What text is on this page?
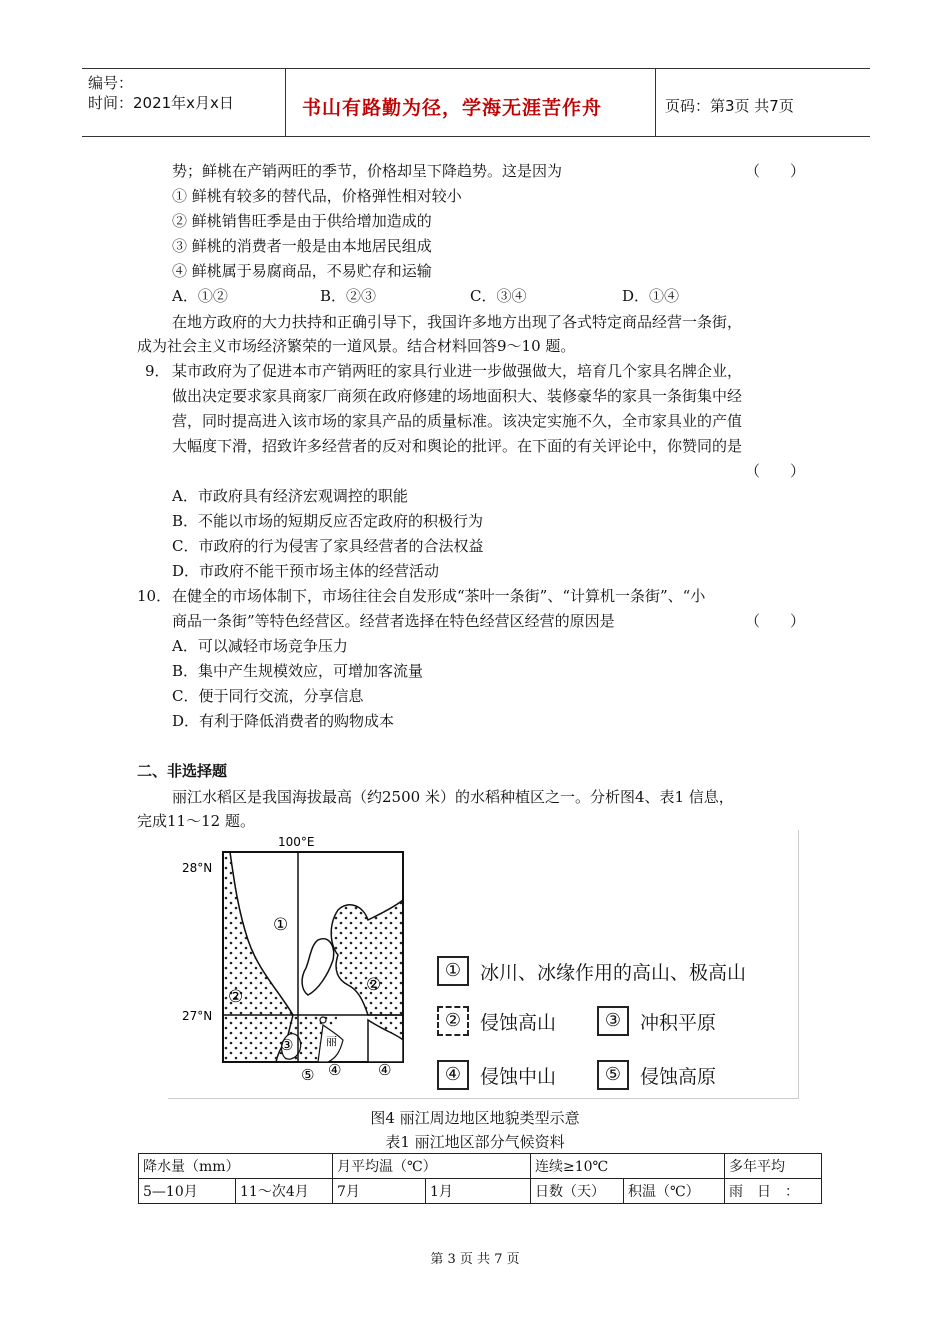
编号：
时间：2021年x月x日	书山有路勤为径，学海无涯苦作舟	页码：第3页 共7页
势；鲜桃在产销两旺的季节，价格却呈下降趋势。这是因为	（　　）
① 鲜桃有较多的替代品，价格弹性相对较小
② 鲜桃销售旺季是由于供给增加造成的
③ 鲜桃的消费者一般是由本地居民组成
④ 鲜桃属于易腐商品，不易贮存和运输
A．①②	B．②③	C．③④	D．①④
在地方政府的大力扶持和正确引导下，我国许多地方出现了各式特定商品经营一条街，
成为社会主义市场经济繁荣的一道风景。结合材料回答9～10 题。
9． 某市政府为了促进本市产销两旺的家具行业进一步做强做大，培育几个家具名牌企业，
做出决定要求家具商家厂商须在政府修建的场地面积大、装修豪华的家具一条街集中经
营，同时提高进入该市场的家具产品的质量标准。该决定实施不久，全市家具业的产值
大幅度下滑，招致许多经营者的反对和舆论的批评。在下面的有关评论中，你赞同的是
（　　）
A．市政府具有经济宏观调控的职能
B．不能以市场的短期反应否定政府的积极行为
C．市政府的行为侵害了家具经营者的合法权益
D．市政府不能干预市场主体的经营活动
10． 在健全的市场体制下，市场往往会自发形成“茶叶一条街”、“计算机一条街”、“小
商品一条街”等特色经营区。经营者选择在特色经营区经营的原因是	（　　）
A．可以减轻市场竞争压力
B．集中产生规模效应，可增加客流量
C．便于同行交流，分享信息
D．有利于降低消费者的购物成本
二、非选择题
丽江水稻区是我国海拔最高（约2500 米）的水稻种植区之一。分析图4、表1 信息，
完成11～12 题。
100°E
28°N
27°N
丽
①
②
②
③
④ ④
⑤
① 冰川、冰缘作用的高山、极高山
② 侵蚀高山	③ 冲积平原
④ 侵蚀中山	⑤ 侵蚀高原
图4 丽江周边地区地貌类型示意
表1 丽江地区部分气候资料
降水量（mm）		月平均温（℃）		连续≥10℃		多年平均
5—10月	11～次4月	7月	1月	日数（天）	积温（℃）	雨　日　：
第 3 页 共 7 页
